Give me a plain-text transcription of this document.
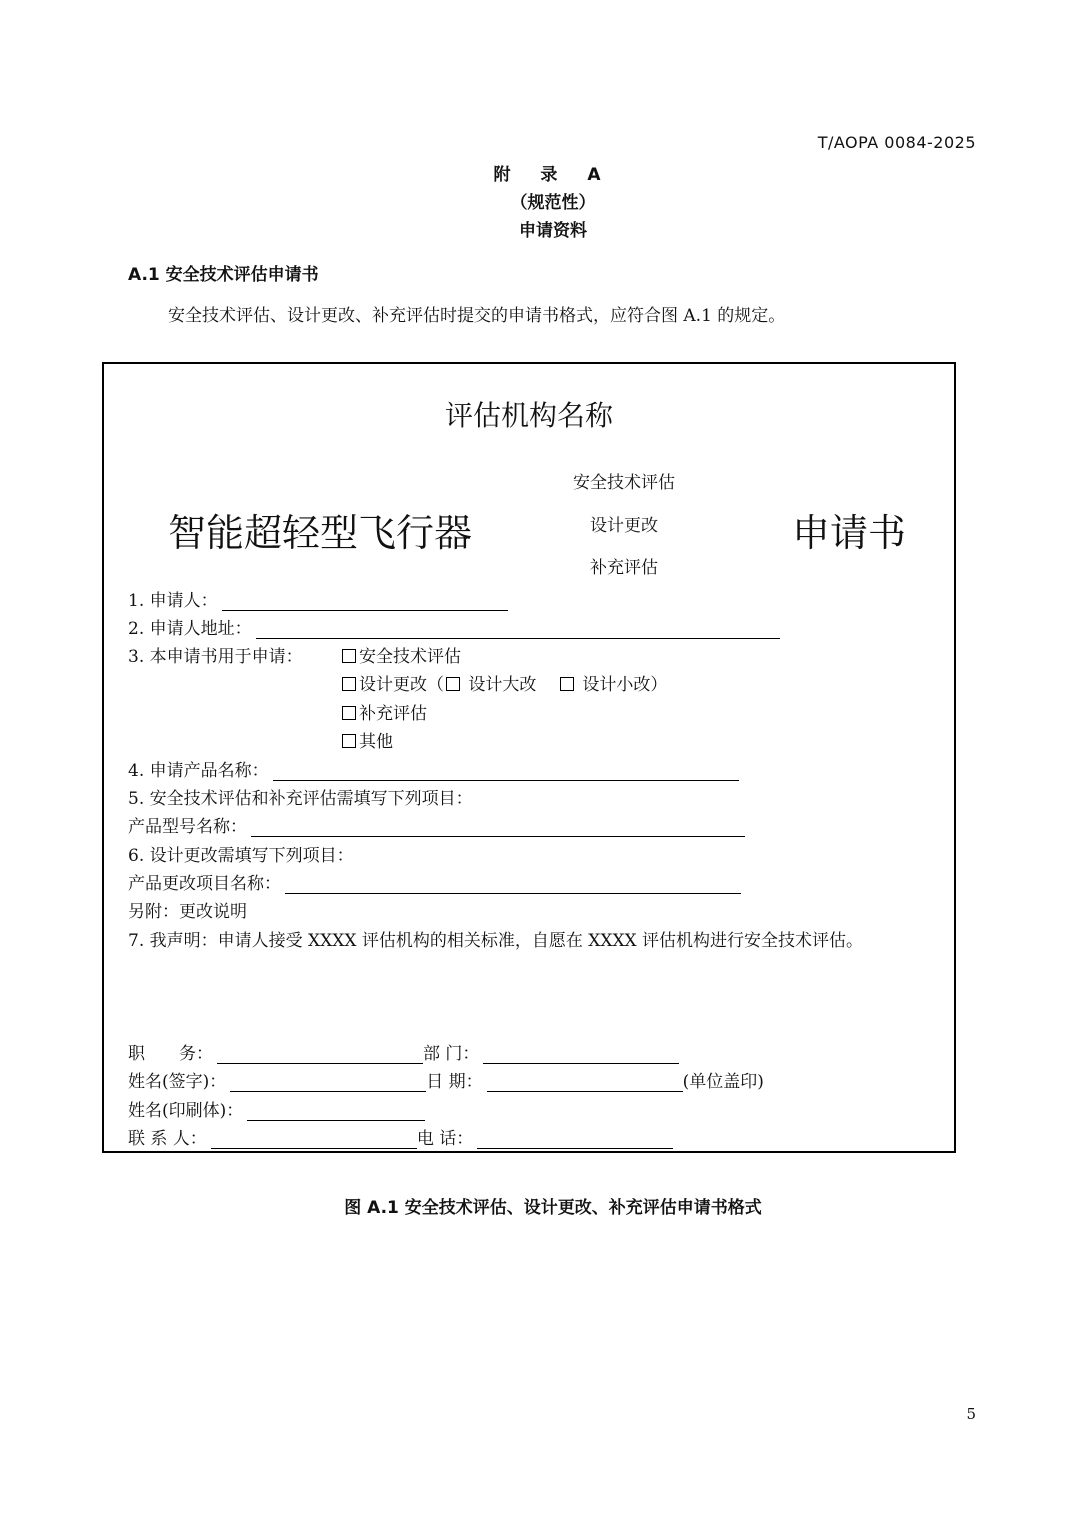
T/AOPA 0084-2025
附 录 A
（规范性）
申请资料
A.1 安全技术评估申请书
安全技术评估、设计更改、补充评估时提交的申请书格式，应符合图 A.1 的规定。
评估机构名称
智能超轻型飞行器
安全技术评估
设计更改
补充评估
申请书
1. 申请人：
2. 申请人地址：
3. 本申请书用于申请：	安全技术评估
设计更改（ 设计大改     设计小改）
补充评估
其他
4. 申请产品名称：
5. 安全技术评估和补充评估需填写下列项目：
产品型号名称：
6. 设计更改需填写下列项目：
产品更改项目名称：
另附：更改说明
7. 我声明：申请人接受 XXXX 评估机构的相关标准，自愿在 XXXX 评估机构进行安全技术评估。
职　　务：	部 门：
姓名(签字)：	日 期：	(单位盖印)
姓名(印刷体)：
联 系 人：	电 话：
图 A.1 安全技术评估、设计更改、补充评估申请书格式
5
